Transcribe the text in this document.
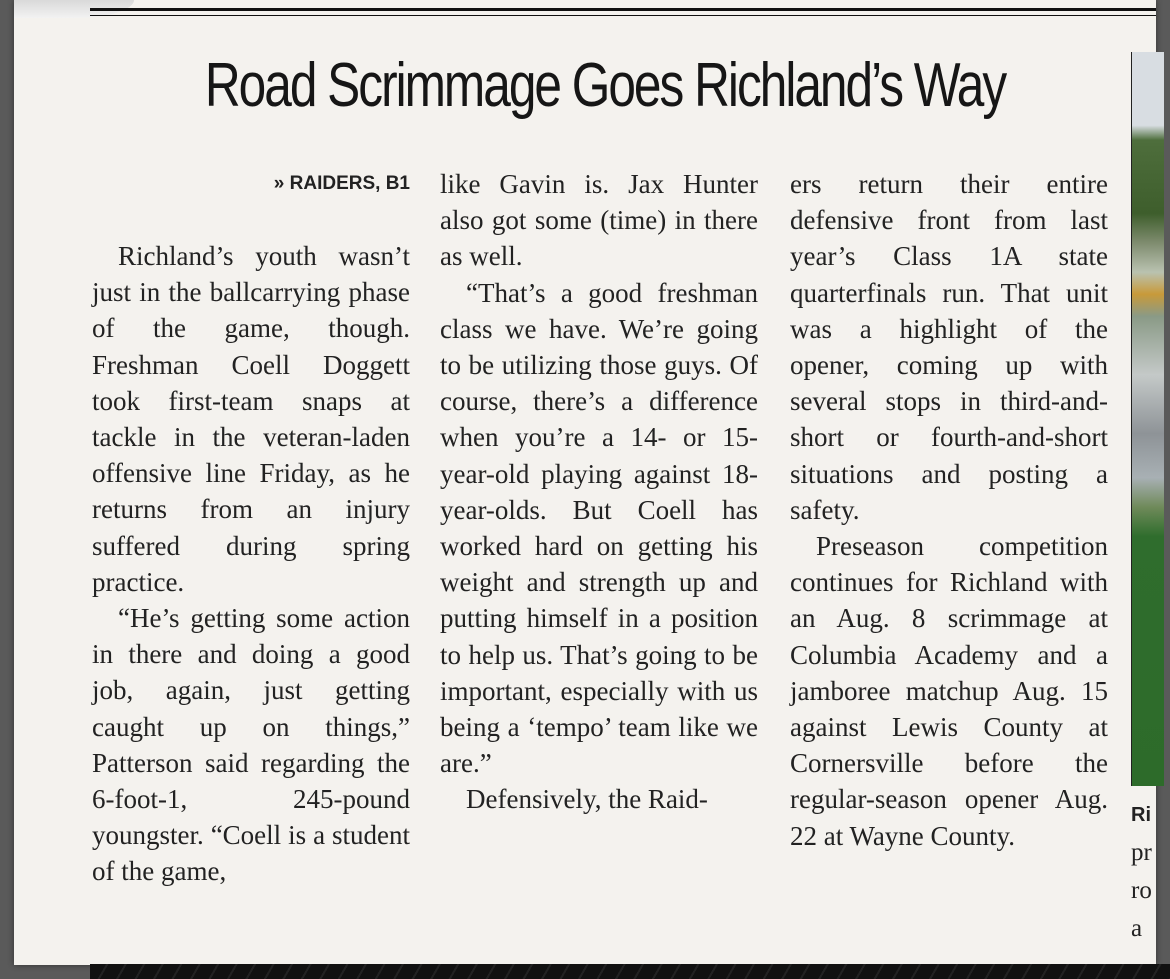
Road Scrimmage Goes Richland’s Way
» RAIDERS, B1

Richland’s youth wasn’t just in the ballcarrying phase of the game, though. Freshman Coell Doggett took first-team snaps at tackle in the veteran-laden offensive line Friday, as he returns from an injury suffered during spring practice.

“He’s getting some action in there and doing a good job, again, just getting caught up on things,” Patterson said regarding the 6-foot-1, 245-pound youngster. “Coell is a student of the game,

like Gavin is. Jax Hunter also got some (time) in there as well.

“That’s a good freshman class we have. We’re going to be utilizing those guys. Of course, there’s a difference when you’re a 14- or 15-year-old playing against 18-year-olds. But Coell has worked hard on getting his weight and strength up and putting himself in a position to help us. That’s going to be important, especially with us being a ‘tempo’ team like we are.”

Defensively, the Raid-

ers return their entire defensive front from last year’s Class 1A state quarterfinals run. That unit was a highlight of the opener, coming up with several stops in third-and-short or fourth-and-short situations and posting a safety.

Preseason competition continues for Richland with an Aug. 8 scrimmage at Columbia Academy and a jamboree matchup Aug. 15 against Lewis County at Cornersville before the regular-season opener Aug. 22 at Wayne County.

Ri
pr
ro
a
